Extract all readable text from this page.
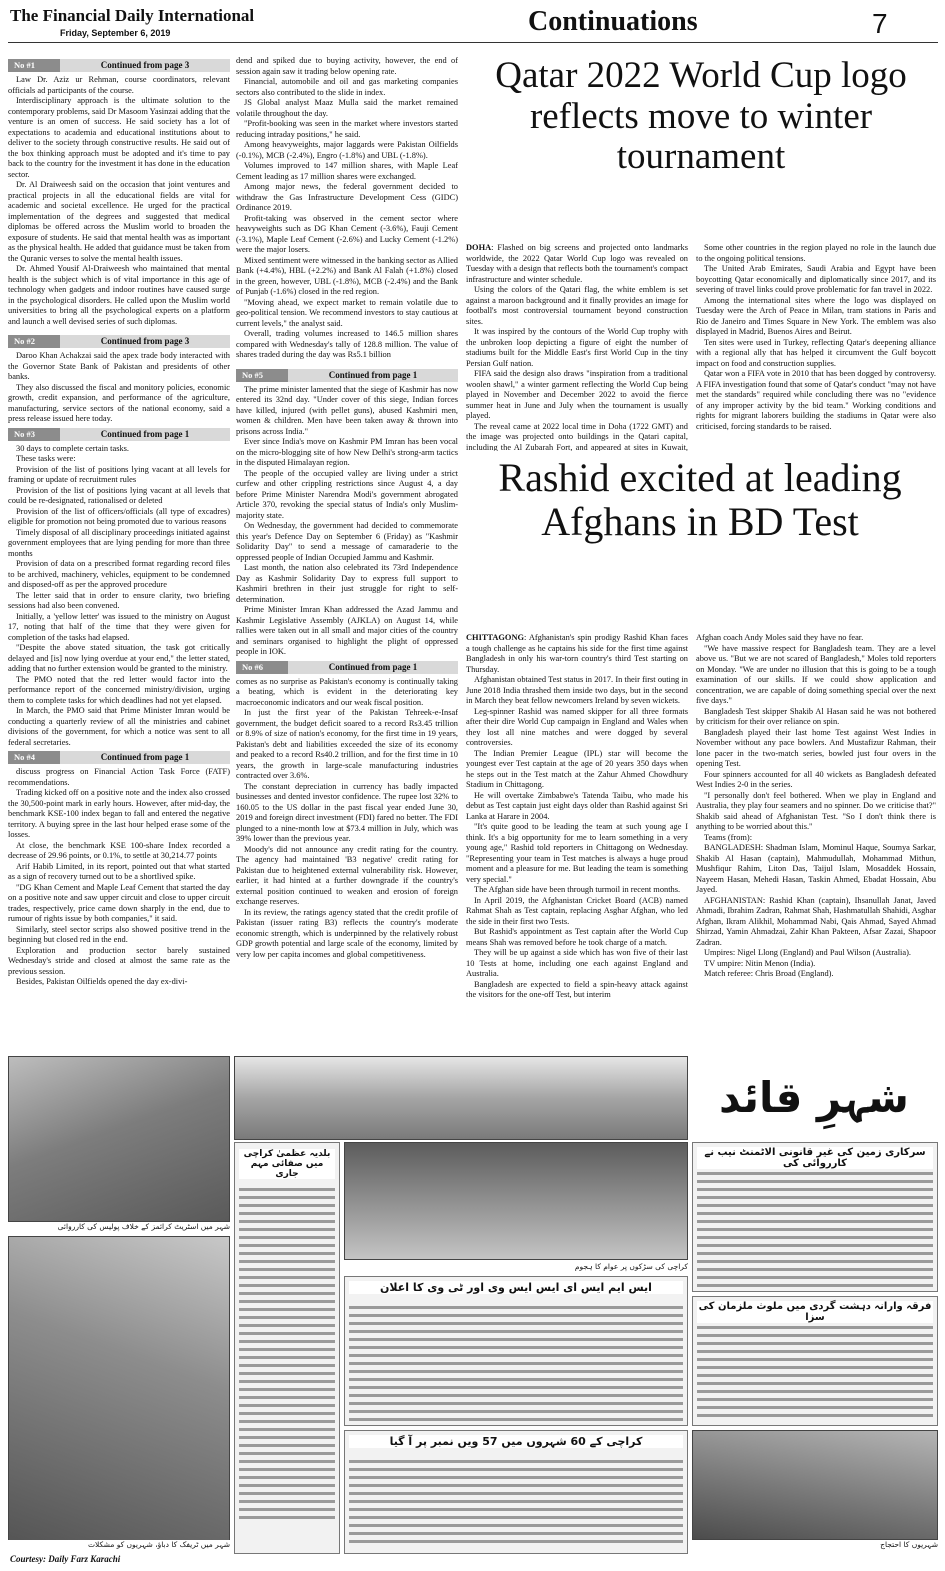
The Financial Daily International
Friday, September 6, 2019	Continuations	7
No #1	Continued from page 3

Law Dr. Aziz ur Rehman, course coordinators, relevant officials ad participants of the course.

Interdisciplinary approach is the ultimate solution to the contemporary problems, said Dr Masoom Yasinzai adding that the venture is an omen of success. He said society has a lot of expectations to academia and educational institutions about to deliver to the society through constructive results. He said out of the box thinking approach must be adopted and it's time to pay back to the country for the investment it has done in the education sector.

Dr. Al Draiweesh said on the occasion that joint ventures and practical projects in all the educational fields are vital for academic and societal excellence. He urged for the practical implementation of the degrees and suggested that medical diplomas be offered across the Muslim world to broaden the exposure of students. He said that mental health was as important as the physical health. He added that guidance must be taken from the Quranic verses to solve the mental health issues.

Dr. Ahmed Yousif Al-Draiweesh who maintained that mental health is the subject which is of vital importance in this age of technology when gadgets and indoor routines have caused surge in the psychological disorders. He called upon the Muslim world universities to bring all the psychological experts on a platform and launch a well devised series of such diplomas.

No #2	Continued from page 3

Daroo Khan Achakzai said the apex trade body interacted with the Governor State Bank of Pakistan and presidents of other banks.

They also discussed the fiscal and monitory policies, economic growth, credit expansion, and performance of the agriculture, manufacturing, service sectors of the national economy, said a press release issued here today.

No #3	Continued from page 1

30 days to complete certain tasks.

These tasks were:

Provision of the list of positions lying vacant at all levels for framing or update of recruitment rules

Provision of the list of positions lying vacant at all levels that could be re-designated, rationalised or deleted

Provision of the list of officers/officials (all type of excadres) eligible for promotion not being promoted due to various reasons

Timely disposal of all disciplinary proceedings initiated against government employees that are lying pending for more than three months

Provision of data on a prescribed format regarding record files to be archived, machinery, vehicles, equipment to be condemned and disposed-off as per the approved procedure

The letter said that in order to ensure clarity, two briefing sessions had also been convened.

Initially, a 'yellow letter' was issued to the ministry on August 17, noting that half of the time that they were given for completion of the tasks had elapsed.

"Despite the above stated situation, the task got critically delayed and [is] now lying overdue at your end," the letter stated, adding that no further extension would be granted to the ministry.

The PMO noted that the red letter would factor into the performance report of the concerned ministry/division, urging them to complete tasks for which deadlines had not yet elapsed.

In March, the PMO said that Prime Minister Imran would be conducting a quarterly review of all the ministries and cabinet divisions of the government, for which a notice was sent to all federal secretaries.

No #4	Continued from page 1

discuss progress on Financial Action Task Force (FATF) recommendations.

Trading kicked off on a positive note and the index also crossed the 30,500-point mark in early hours. However, after mid-day, the benchmark KSE-100 index began to fall and entered the negative territory. A buying spree in the last hour helped erase some of the losses.

At close, the benchmark KSE 100-share Index recorded a decrease of 29.96 points, or 0.1%, to settle at 30,214.77 points

Arif Habib Limited, in its report, pointed out that what started as a sign of recovery turned out to be a shortlived spike.

"DG Khan Cement and Maple Leaf Cement that started the day on a positive note and saw upper circuit and close to upper circuit trades, respectively, price came down sharply in the end, due to rumour of rights issue by both companies," it said.

Similarly, steel sector scrips also showed positive trend in the beginning but closed red in the end.

Exploration and production sector barely sustained Wednesday's stride and closed at almost the same rate as the previous session.

Besides, Pakistan Oilfields opened the day ex-divi-

dend and spiked due to buying activity, however, the end of session again saw it trading below opening rate.

Financial, automobile and oil and gas marketing companies sectors also contributed to the slide in index.

JS Global analyst Maaz Mulla said the market remained volatile throughout the day.

"Profit-booking was seen in the market where investors started reducing intraday positions," he said.

Among heavyweights, major laggards were Pakistan Oilfields (-0.1%), MCB (-2.4%), Engro (-1.8%) and UBL (-1.8%).

Volumes improved to 147 million shares, with Maple Leaf Cement leading as 17 million shares were exchanged.

Among major news, the federal government decided to withdraw the Gas Infrastructure Development Cess (GIDC) Ordinance 2019.

Profit-taking was observed in the cement sector where heavyweights such as DG Khan Cement (-3.6%), Fauji Cement (-3.1%), Maple Leaf Cement (-2.6%) and Lucky Cement (-1.2%) were the major losers.

Mixed sentiment were witnessed in the banking sector as Allied Bank (+4.4%), HBL (+2.2%) and Bank Al Falah (+1.8%) closed in the green, however, UBL (-1.8%), MCB (-2.4%) and the Bank of Punjab (-1.6%) closed in the red region.

"Moving ahead, we expect market to remain volatile due to geo-political tension. We recommend investors to stay cautious at current levels," the analyst said.

Overall, trading volumes increased to 146.5 million shares compared with Wednesday's tally of 128.8 million. The value of shares traded during the day was Rs5.1 billion

No #5	Continued from page 1

The prime minister lamented that the siege of Kashmir has now entered its 32nd day. "Under cover of this siege, Indian forces have killed, injured (with pellet guns), abused Kashmiri men, women & children. Men have been taken away & thrown into prisons across India."

Ever since India's move on Kashmir PM Imran has been vocal on the micro-blogging site of how New Delhi's strong-arm tactics in the disputed Himalayan region.

The people of the occupied valley are living under a strict curfew and other crippling restrictions since August 4, a day before Prime Minister Narendra Modi's government abrogated Article 370, revoking the special status of India's only Muslim-majority state.

On Wednesday, the government had decided to commemorate this year's Defence Day on September 6 (Friday) as "Kashmir Solidarity Day" to send a message of camaraderie to the oppressed people of Indian Occupied Jammu and Kashmir.

Last month, the nation also celebrated its 73rd Independence Day as Kashmir Solidarity Day to express full support to Kashmiri brethren in their just struggle for right to self-determination.

Prime Minister Imran Khan addressed the Azad Jammu and Kashmir Legislative Assembly (AJKLA) on August 14, while rallies were taken out in all small and major cities of the country and seminars organised to highlight the plight of oppressed people in IOK.

No #6	Continued from page 1

comes as no surprise as Pakistan's economy is continually taking a beating, which is evident in the deteriorating key macroeconomic indicators and our weak fiscal position.

In just the first year of the Pakistan Tehreek-e-Insaf government, the budget deficit soared to a record Rs3.45 trillion or 8.9% of size of nation's economy, for the first time in 19 years, Pakistan's debt and liabilities exceeded the size of its economy and peaked to a record Rs40.2 trillion, and for the first time in 10 years, the growth in large-scale manufacturing industries contracted over 3.6%.

The constant depreciation in currency has badly impacted businesses and dented investor confidence. The rupee lost 32% to 160.05 to the US dollar in the past fiscal year ended June 30, 2019 and foreign direct investment (FDI) fared no better. The FDI plunged to a nine-month low at $73.4 million in July, which was 39% lower than the previous year.

Moody's did not announce any credit rating for the country. The agency had maintained 'B3 negative' credit rating for Pakistan due to heightened external vulnerability risk. However, earlier, it had hinted at a further downgrade if the country's external position continued to weaken and erosion of foreign exchange reserves.

In its review, the ratings agency stated that the credit profile of Pakistan (issuer rating B3) reflects the country's moderate economic strength, which is underpinned by the relatively robust GDP growth potential and large scale of the economy, limited by very low per capita incomes and global competitiveness.

Qatar 2022 World Cup logo reflects move to winter tournament

DOHA: Flashed on big screens and projected onto landmarks worldwide, the 2022 Qatar World Cup logo was revealed on Tuesday with a design that reflects both the tournament's compact infrastructure and winter schedule.

Using the colors of the Qatari flag, the white emblem is set against a maroon background and it finally provides an image for football's most controversial tournament beyond construction sites.

It was inspired by the contours of the World Cup trophy with the unbroken loop depicting a figure of eight the number of stadiums built for the Middle East's first World Cup in the tiny Persian Gulf nation.

FIFA said the design also draws "inspiration from a traditional woolen shawl," a winter garment reflecting the World Cup being played in November and December 2022 to avoid the fierce summer heat in June and July when the tournament is usually played.

The reveal came at 2022 local time in Doha (1722 GMT) and the image was projected onto buildings in the Qatari capital, including the Al Zubarah Fort, and appeared at sites in Kuwait,

Some other countries in the region played no role in the launch due to the ongoing political tensions.

The United Arab Emirates, Saudi Arabia and Egypt have been boycotting Qatar economically and diplomatically since 2017, and its severing of travel links could prove problematic for fan travel in 2022.

Among the international sites where the logo was displayed on Tuesday were the Arch of Peace in Milan, tram stations in Paris and Rio de Janeiro and Times Square in New York. The emblem was also displayed in Madrid, Buenos Aires and Beirut.

Ten sites were used in Turkey, reflecting Qatar's deepening alliance with a regional ally that has helped it circumvent the Gulf boycott impact on food and construction supplies.

Qatar won a FIFA vote in 2010 that has been dogged by controversy. A FIFA investigation found that some of Qatar's conduct "may not have met the standards" required while concluding there was no "evidence of any improper activity by the bid team." Working conditions and rights for migrant laborers building the stadiums in Qatar were also criticised, forcing standards to be raised.

Rashid excited at leading Afghans in BD Test

CHITTAGONG: Afghanistan's spin prodigy Rashid Khan faces a tough challenge as he captains his side for the first time against Bangladesh in only his war-torn country's third Test starting on Thursday.

Afghanistan obtained Test status in 2017. In their first outing in June 2018 India thrashed them inside two days, but in the second in March they beat fellow newcomers Ireland by seven wickets.

Leg-spinner Rashid was named skipper for all three formats after their dire World Cup campaign in England and Wales when they lost all nine matches and were dogged by several controversies.

The Indian Premier League (IPL) star will become the youngest ever Test captain at the age of 20 years 350 days when he steps out in the Test match at the Zahur Ahmed Chowdhury Stadium in Chittagong.

He will overtake Zimbabwe's Tatenda Taibu, who made his debut as Test captain just eight days older than Rashid against Sri Lanka at Harare in 2004.

"It's quite good to be leading the team at such young age I think. It's a big opportunity for me to learn something in a very young age," Rashid told reporters in Chittagong on Wednesday. "Representing your team in Test matches is always a huge proud moment and a pleasure for me. But leading the team is something very special."

The Afghan side have been through turmoil in recent months.

In April 2019, the Afghanistan Cricket Board (ACB) named Rahmat Shah as Test captain, replacing Asghar Afghan, who led the side in their first two Tests.

But Rashid's appointment as Test captain after the World Cup means Shah was removed before he took charge of a match.

They will be up against a side which has won five of their last 10 Tests at home, including one each against England and Australia.

Bangladesh are expected to field a spin-heavy attack against the visitors for the one-off Test, but interim

Afghan coach Andy Moles said they have no fear.

"We have massive respect for Bangladesh team. They are a level above us. "But we are not scared of Bangladesh," Moles told reporters on Monday. "We are under no illusion that this is going to be a tough examination of our skills. If we could show application and concentration, we are capable of doing something special over the next five days."

Bangladesh Test skipper Shakib Al Hasan said he was not bothered by criticism for their over reliance on spin.

Bangladesh played their last home Test against West Indies in November without any pace bowlers. And Mustafizur Rahman, their lone pacer in the two-match series, bowled just four overs in the opening Test.

Four spinners accounted for all 40 wickets as Bangladesh defeated West Indies 2-0 in the series.

"I personally don't feel bothered. When we play in England and Australia, they play four seamers and no spinner. Do we criticise that?" Shakib said ahead of Afghanistan Test. "So I don't think there is anything to be worried about this."

Teams (from):

BANGLADESH: Shadman Islam, Mominul Haque, Soumya Sarkar, Shakib Al Hasan (captain), Mahmudullah, Mohammad Mithun, Mushfiqur Rahim, Liton Das, Taijul Islam, Mosaddek Hossain, Nayeem Hasan, Mehedi Hasan, Taskin Ahmed, Ebadat Hossain, Abu Jayed.

AFGHANISTAN: Rashid Khan (captain), Ihsanullah Janat, Javed Ahmadi, Ibrahim Zadran, Rahmat Shah, Hashmatullah Shahidi, Asghar Afghan, Ikram Alikhil, Mohammad Nabi, Qais Ahmad, Sayed Ahmad Shirzad, Yamin Ahmadzai, Zahir Khan Pakteen, Afsar Zazai, Shapoor Zadran.

Umpires: Nigel Llong (England) and Paul Wilson (Australia).

TV umpire: Nitin Menon (India).

Match referee: Chris Broad (England).

شہر میں اسٹریٹ کرائمز کے خلاف پولیس کی کارروائی
شہر میں ٹریفک کا دباؤ، شہریوں کو مشکلات
شہرِ قائد
بلدیہ عظمیٰ کراچی میں صفائی مہم جاری
کراچی کی سڑکوں پر عوام کا ہجوم
ایس ایم ایس ای ایس ایس وی اور ٹی وی کا اعلان
کراچی کے 60 شہروں میں 57 ویں نمبر پر آ گیا
سرکاری زمین کی غیر قانونی الاٹمنٹ نیب نے کارروائی کی
فرقہ وارانہ دہشت گردی میں ملوث ملزمان کی سزا
شہریوں کا احتجاج
Courtesy: Daily Farz Karachi
